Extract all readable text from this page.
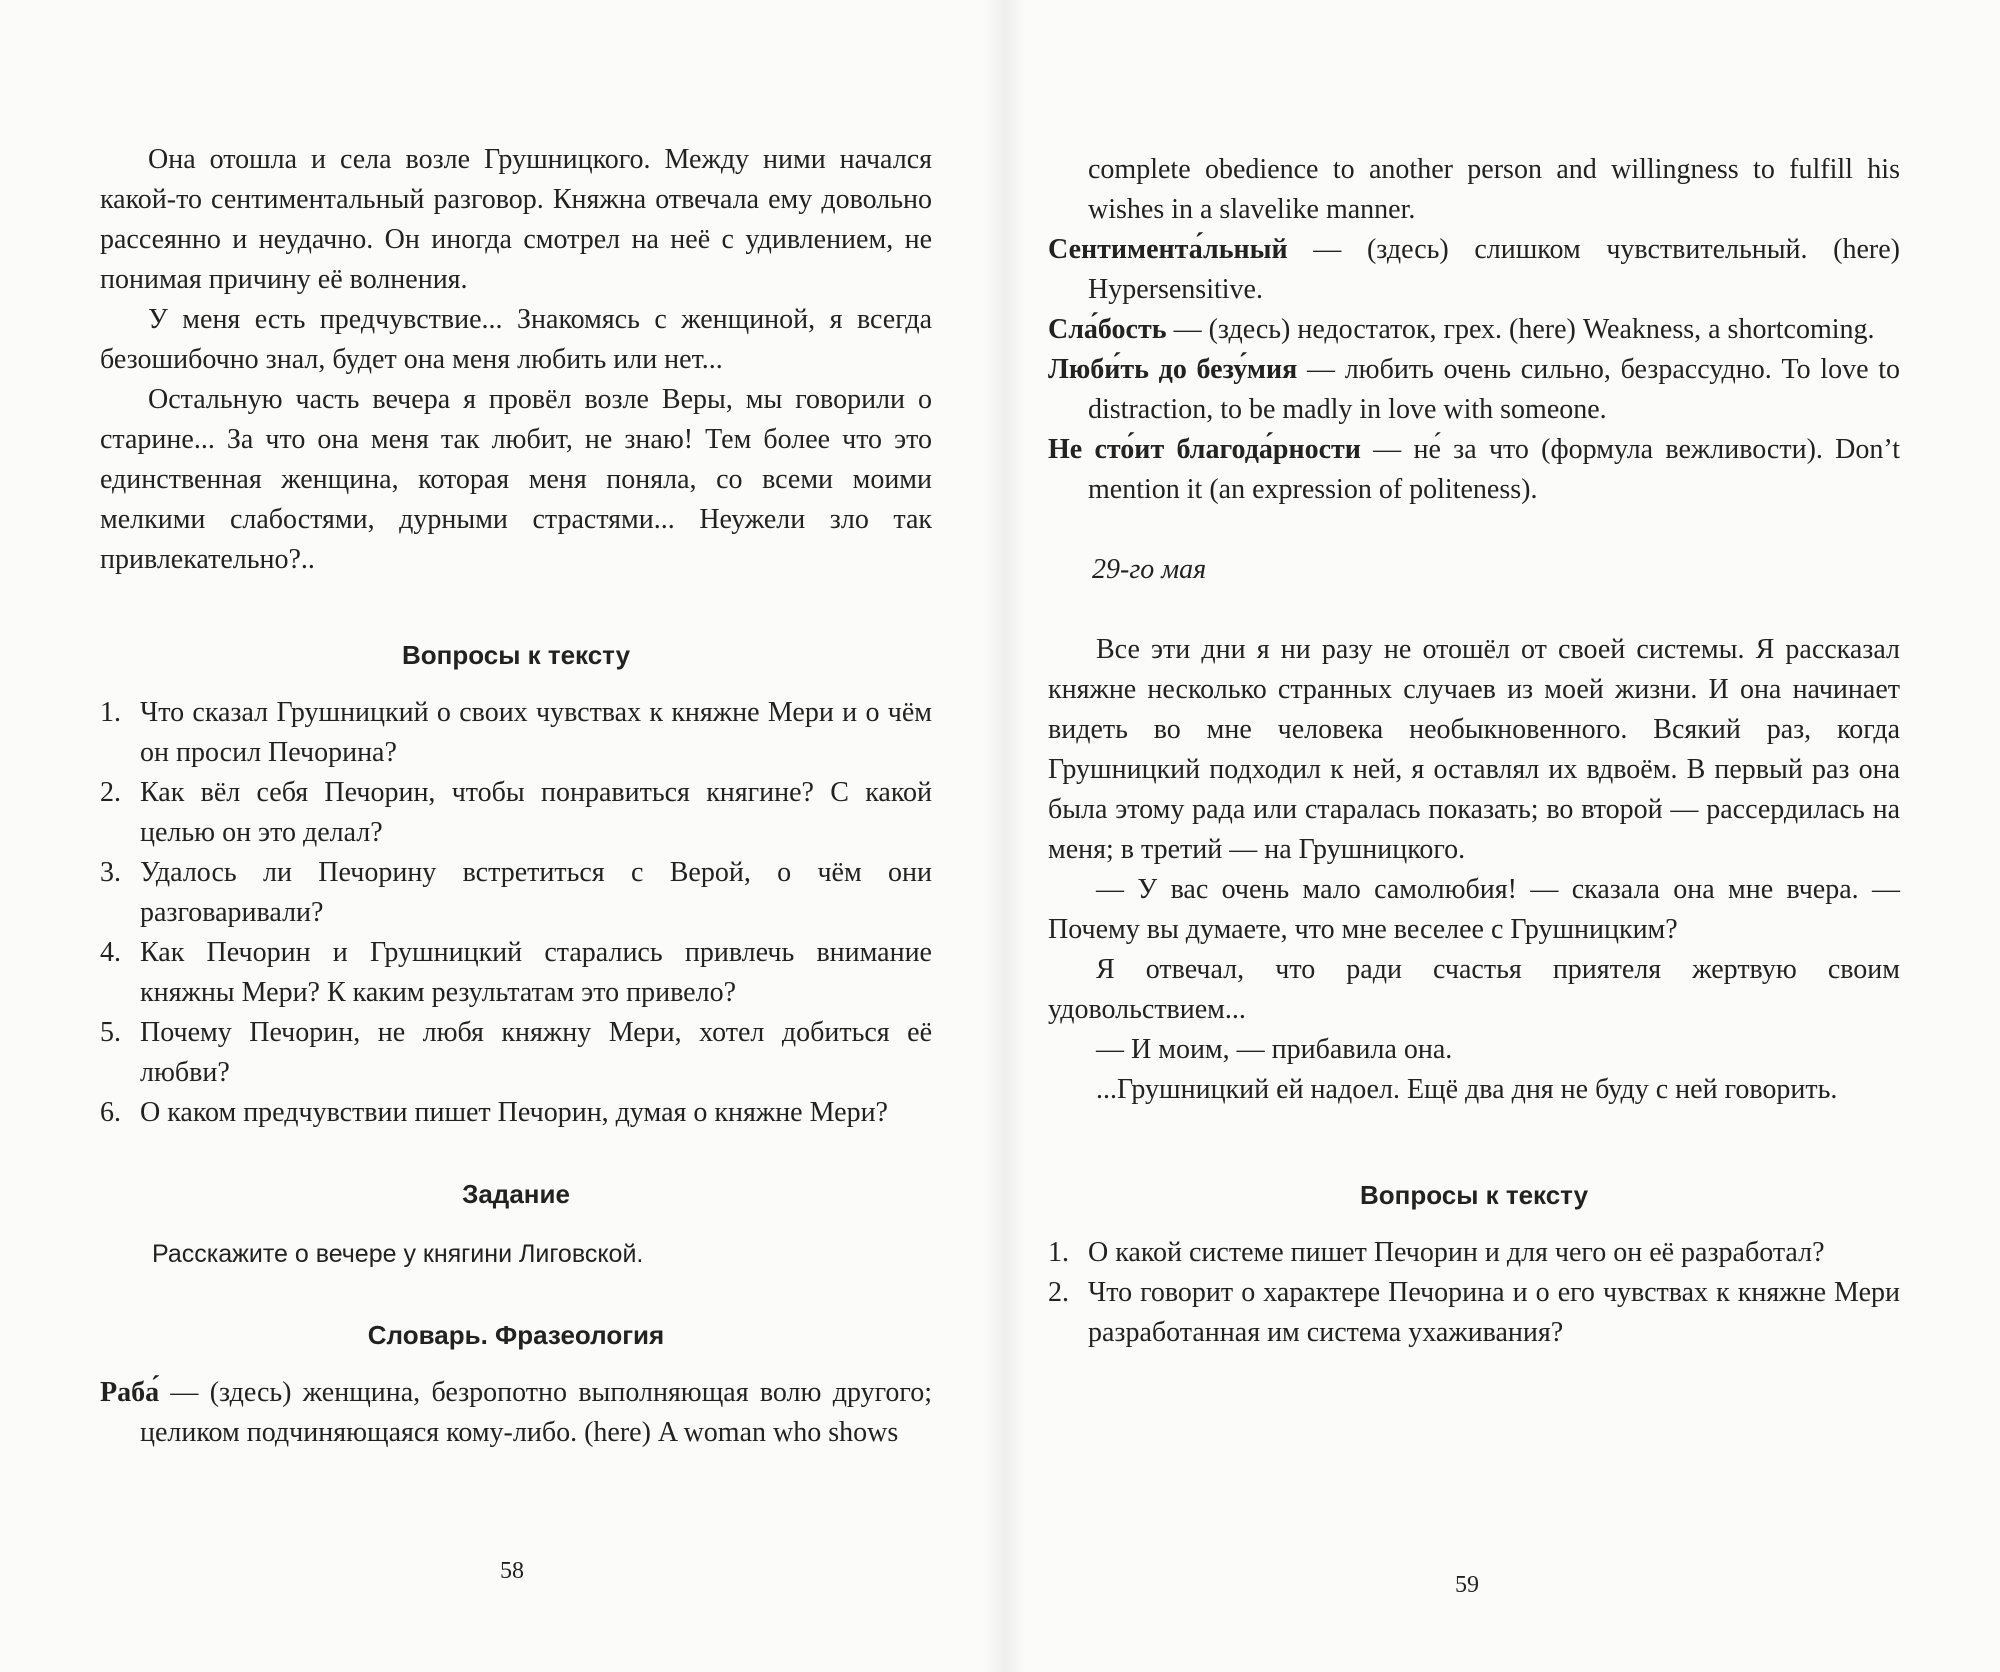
Она отошла и села возле Грушницкого. Между ними начался какой-то сентиментальный разговор. Княжна отвечала ему довольно рассеянно и неудачно. Он иногда смотрел на неё с удивлением, не понимая причину её волнения.

У меня есть предчувствие... Знакомясь с женщиной, я всегда безошибочно знал, будет она меня любить или нет...

Остальную часть вечера я провёл возле Веры, мы говорили о старине... За что она меня так любит, не знаю! Тем более что это единственная женщина, которая меня поняла, со всеми моими мелкими слабостями, дурными страстями... Неужели зло так привлекательно?..

Вопросы к тексту
1. Что сказал Грушницкий о своих чувствах к княжне Мери и о чём он просил Печорина?
2. Как вёл себя Печорин, чтобы понравиться княгине? С какой целью он это делал?
3. Удалось ли Печорину встретиться с Верой, о чём они разговаривали?
4. Как Печорин и Грушницкий старались привлечь внимание княжны Мери? К каким результатам это привело?
5. Почему Печорин, не любя княжну Мери, хотел добиться её любви?
6. О каком предчувствии пишет Печорин, думая о княжне Мери?
Задание

Расскажите о вечере у княгини Лиговской.

Словарь. Фразеология

Раба́ — (здесь) женщина, безропотно выполняющая волю другого; целиком подчиняющаяся кому-либо. (here) A woman who shows

58

complete obedience to another person and willingness to fulfill his wishes in a slavelike manner.

Сентимента́льный — (здесь) слишком чувствительный. (here) Hypersensitive.

Сла́бость — (здесь) недостаток, грех. (here) Weakness, a shortcoming.

Люби́ть до безу́мия — любить очень сильно, безрассудно. To love to distraction, to be madly in love with someone.

Не сто́ит благода́рности — не́ за что (формула вежливости). Don’t mention it (an expression of politeness).

29-го мая

Все эти дни я ни разу не отошёл от своей системы. Я рассказал княжне несколько странных случаев из моей жизни. И она начинает видеть во мне человека необыкновенного. Всякий раз, когда Грушницкий подходил к ней, я оставлял их вдвоём. В первый раз она была этому рада или старалась показать; во второй — рассердилась на меня; в третий — на Грушницкого.

— У вас очень мало самолюбия! — сказала она мне вчера. — Почему вы думаете, что мне веселее с Грушницким?

Я отвечал, что ради счастья приятеля жертвую своим удовольствием...

— И моим, — прибавила она.

...Грушницкий ей надоел. Ещё два дня не буду с ней говорить.

Вопросы к тексту
1. О какой системе пишет Печорин и для чего он её разработал?
2. Что говорит о характере Печорина и о его чувствах к княжне Мери разработанная им система ухаживания?
59
